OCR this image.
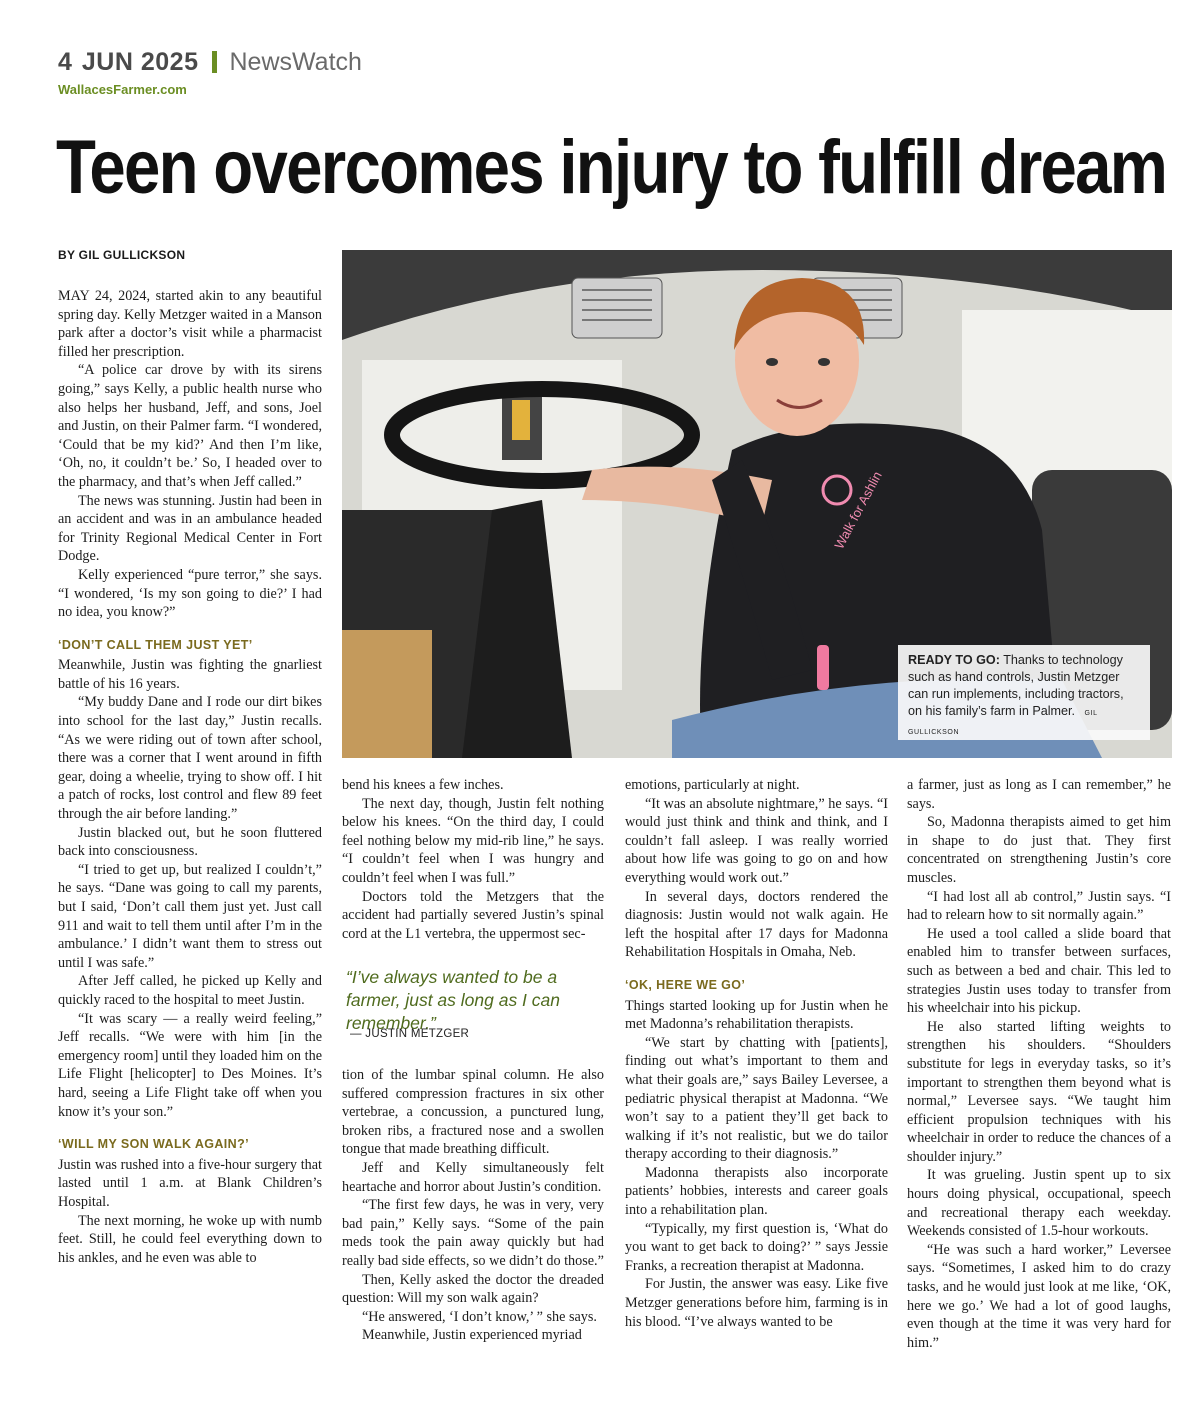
4 JUN 2025 NewsWatch
WallacesFarmer.com
Teen overcomes injury to fulfill dream
BY GIL GULLICKSON

MAY 24, 2024, started akin to any beautiful spring day. Kelly Metzger waited in a Manson park after a doctor’s visit while a pharmacist filled her prescription.

“A police car drove by with its sirens going,” says Kelly, a public health nurse who also helps her husband, Jeff, and sons, Joel and Justin, on their Palmer farm. “I wondered, ‘Could that be my kid?’ And then I’m like, ‘Oh, no, it couldn’t be.’ So, I headed over to the pharmacy, and that’s when Jeff called.”

The news was stunning. Justin had been in an accident and was in an ambulance headed for Trinity Regional Medical Center in Fort Dodge.

Kelly experienced “pure terror,” she says. “I wondered, ‘Is my son going to die?’ I had no idea, you know?”

‘DON’T CALL THEM JUST YET’

Meanwhile, Justin was fighting the gnarliest battle of his 16 years.

“My buddy Dane and I rode our dirt bikes into school for the last day,” Justin recalls. “As we were riding out of town after school, there was a corner that I went around in fifth gear, doing a wheelie, trying to show off. I hit a patch of rocks, lost control and flew 89 feet through the air before landing.”

Justin blacked out, but he soon fluttered back into consciousness.

“I tried to get up, but realized I couldn’t,” he says. “Dane was going to call my parents, but I said, ‘Don’t call them just yet. Just call 911 and wait to tell them until after I’m in the ambulance.’ I didn’t want them to stress out until I was safe.”

After Jeff called, he picked up Kelly and quickly raced to the hospital to meet Justin.

“It was scary — a really weird feeling,” Jeff recalls. “We were with him [in the emergency room] until they loaded him on the Life Flight [helicopter] to Des Moines. It’s hard, seeing a Life Flight take off when you know it’s your son.”

‘WILL MY SON WALK AGAIN?’

Justin was rushed into a five-hour surgery that lasted until 1 a.m. at Blank Children’s Hospital.

The next morning, he woke up with numb feet. Still, he could feel everything down to his ankles, and he even was able to

Walk for Ashlin
READY TO GO: Thanks to technology such as hand controls, Justin Metzger can run implements, including tractors, on his family’s farm in Palmer. GIL GULLICKSON

bend his knees a few inches.

The next day, though, Justin felt nothing below his knees. “On the third day, I could feel nothing below my mid-rib line,” he says. “I couldn’t feel when I was hungry and couldn’t feel when I was full.”

Doctors told the Metzgers that the accident had partially severed Justin’s spinal cord at the L1 vertebra, the uppermost sec-

“I’ve always wanted to be a farmer, just as long as I can remember.”
— JUSTIN METZGER

tion of the lumbar spinal column. He also suffered compression fractures in six other vertebrae, a concussion, a punctured lung, broken ribs, a fractured nose and a swollen tongue that made breathing difficult.

Jeff and Kelly simultaneously felt heartache and horror about Justin’s condition.

“The first few days, he was in very, very bad pain,” Kelly says. “Some of the pain meds took the pain away quickly but had really bad side effects, so we didn’t do those.”

Then, Kelly asked the doctor the dreaded question: Will my son walk again?

“He answered, ‘I don’t know,’ ” she says.

Meanwhile, Justin experienced myriad

emotions, particularly at night.

“It was an absolute nightmare,” he says. “I would just think and think and think, and I couldn’t fall asleep. I was really worried about how life was going to go on and how everything would work out.”

In several days, doctors rendered the diagnosis: Justin would not walk again. He left the hospital after 17 days for Madonna Rehabilitation Hospitals in Omaha, Neb.

‘OK, HERE WE GO’

Things started looking up for Justin when he met Madonna’s rehabilitation therapists.

“We start by chatting with [patients], finding out what’s important to them and what their goals are,” says Bailey Leversee, a pediatric physical therapist at Madonna. “We won’t say to a patient they’ll get back to walking if it’s not realistic, but we do tailor therapy according to their diagnosis.”

Madonna therapists also incorporate patients’ hobbies, interests and career goals into a rehabilitation plan.

“Typically, my first question is, ‘What do you want to get back to doing?’ ” says Jessie Franks, a recreation therapist at Madonna.

For Justin, the answer was easy. Like five Metzger generations before him, farming is in his blood. “I’ve always wanted to be

a farmer, just as long as I can remember,” he says.

So, Madonna therapists aimed to get him in shape to do just that. They first concentrated on strengthening Justin’s core muscles.

“I had lost all ab control,” Justin says. “I had to relearn how to sit normally again.”

He used a tool called a slide board that enabled him to transfer between surfaces, such as between a bed and chair. This led to strategies Justin uses today to transfer from his wheelchair into his pickup.

He also started lifting weights to strengthen his shoulders. “Shoulders substitute for legs in everyday tasks, so it’s important to strengthen them beyond what is normal,” Leversee says. “We taught him efficient propulsion techniques with his wheelchair in order to reduce the chances of a shoulder injury.”

It was grueling. Justin spent up to six hours doing physical, occupational, speech and recreational therapy each weekday. Weekends consisted of 1.5-hour workouts.

“He was such a hard worker,” Leversee says. “Sometimes, I asked him to do crazy tasks, and he would just look at me like, ‘OK, here we go.’ We had a lot of good laughs, even though at the time it was very hard for him.”
